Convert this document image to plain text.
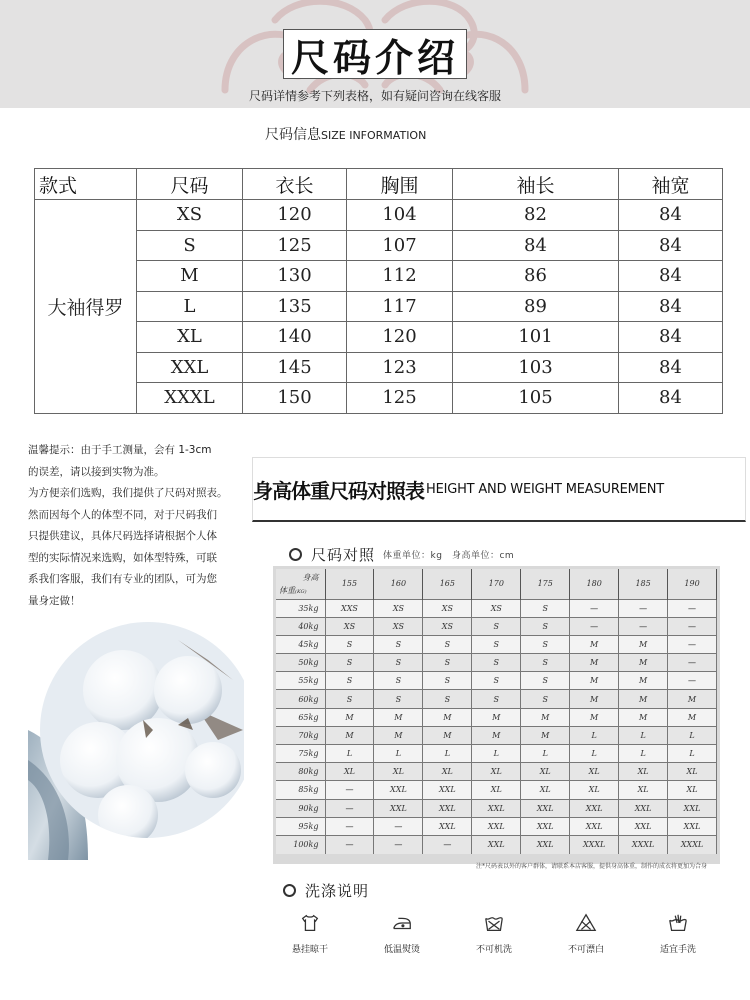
尺码介绍
尺码详情参考下列表格，如有疑问咨询在线客服
尺码信息SIZE INFORMATION
款式	尺码	衣长	胸围	袖长	袖宽
大袖得罗	XS	120	104	82	84
	S	125	107	84	84
	M	130	112	86	84
	L	135	117	89	84
	XL	140	120	101	84
	XXL	145	123	103	84
	XXXL	150	125	105	84

温馨提示：由于手工测量，会有 1-3cm

的误差，请以接到实物为准。

为方便亲们选购，我们提供了尺码对照表。

然而因每个人的体型不同，对于尺码我们

只提供建议，具体尺码选择请根据个人体

型的实际情况来选购，如体型特殊，可联

系我们客服，我们有专业的团队，可为您

量身定做！

身高体重尺码对照表 HEIGHT AND WEIGHT MEASUREMENT
尺码对照 体重单位：kg　身高单位：cm
身高
体重(KG)	155	160	165	170	175	180	185	190
35kg	XXS	XS	XS	XS	S	—	—	—
40kg	XS	XS	XS	S	S	—	—	—
45kg	S	S	S	S	S	M	M	—
50kg	S	S	S	S	S	M	M	—
55kg	S	S	S	S	S	M	M	—
60kg	S	S	S	S	S	M	M	M
65kg	M	M	M	M	M	M	M	M
70kg	M	M	M	M	M	L	L	L
75kg	L	L	L	L	L	L	L	L
80kg	XL	XL	XL	XL	XL	XL	XL	XL
85kg	—	XXL	XXL	XL	XL	XL	XL	XL
90kg	—	XXL	XXL	XXL	XXL	XXL	XXL	XXL
95kg	—	—	XXL	XXL	XXL	XXL	XXL	XXL
100kg	—	—	—	XXL	XXL	XXXL	XXXL	XXXL
注*尺码表以外的客户群体，请联系本店客服，提供身高体重，制作的成衣将更加为合身
洗涤说明
悬挂晾干	低温熨烫	不可机洗	不可漂白	适宜手洗
